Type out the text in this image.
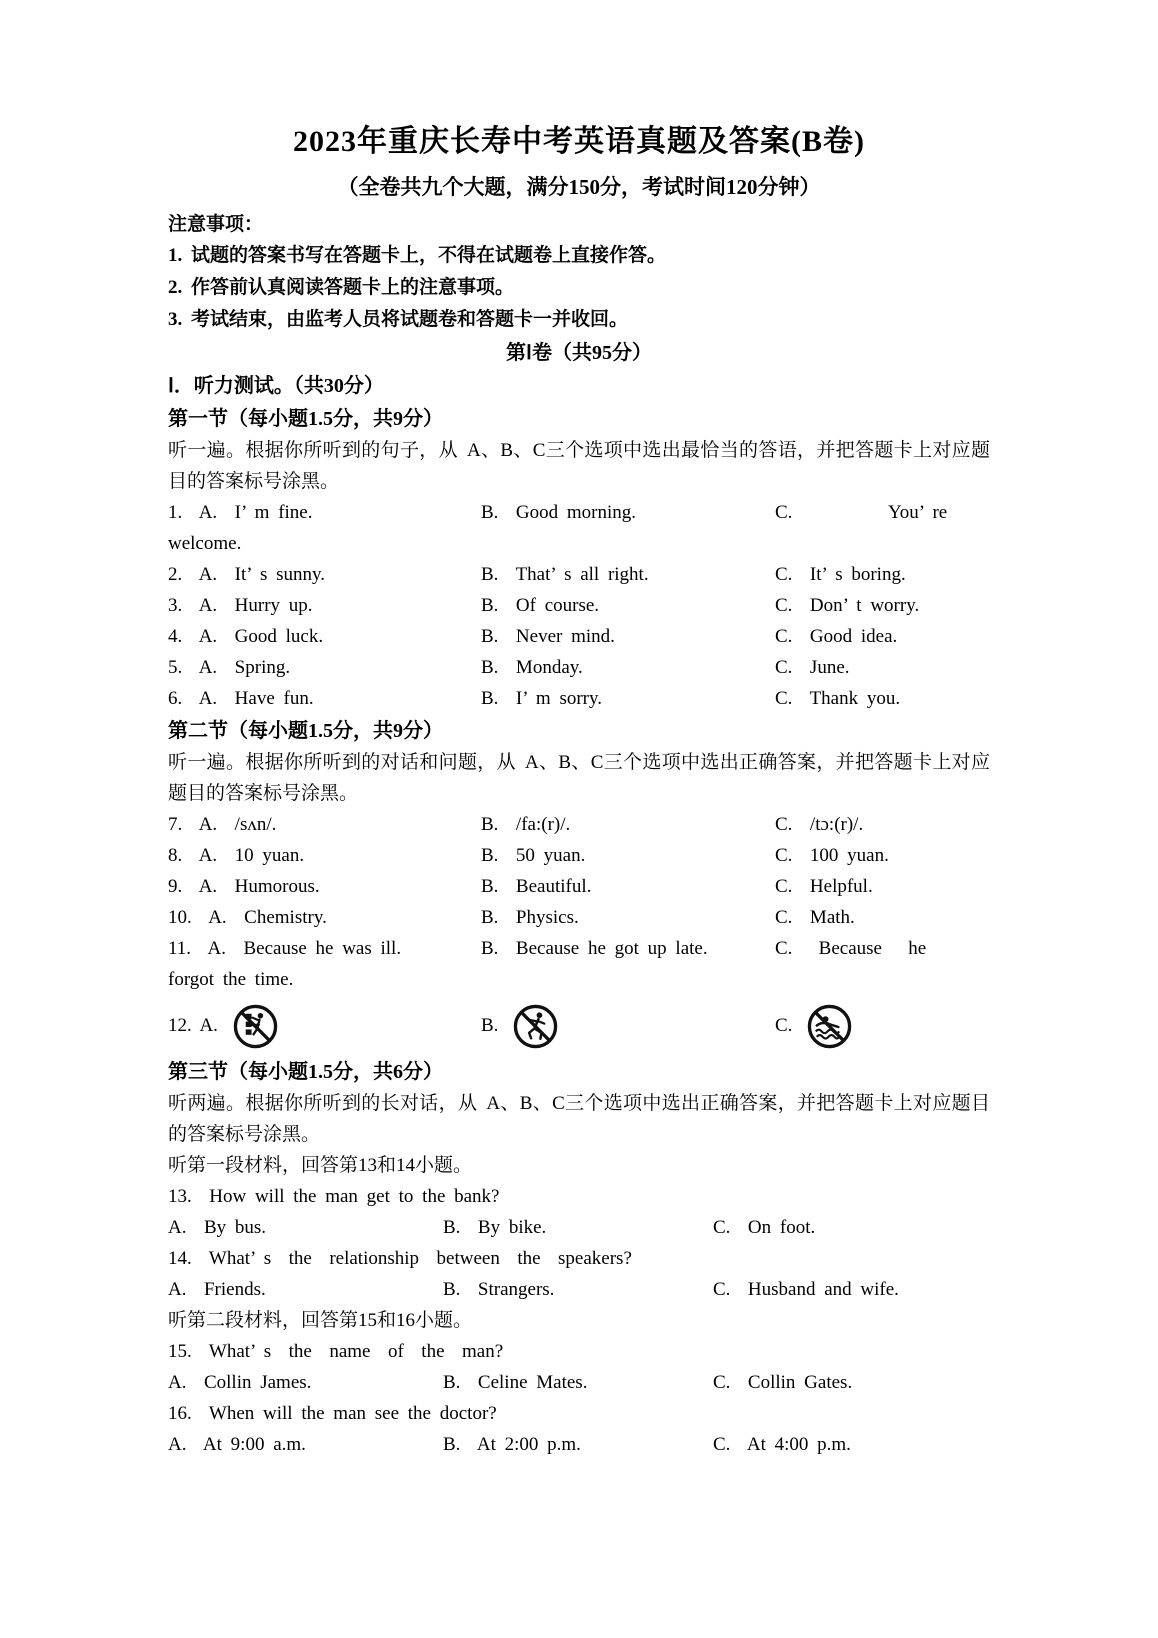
2023年重庆长寿中考英语真题及答案(B卷)
（全卷共九个大题，满分150分，考试时间120分钟）
注意事项：
1. 试题的答案书写在答题卡上，不得在试题卷上直接作答。
2. 作答前认真阅读答题卡上的注意事项。
3. 考试结束，由监考人员将试题卷和答题卡一并收回。
第Ⅰ卷（共95分）
Ⅰ．听力测试。（共30分）
第一节（每小题1.5分，共9分）

听一遍。根据你所听到的句子，从 A、B、C三个选项中选出最恰当的答语，并把答题卡上对应题目的答案标号涂黑。

1.  A.  I’ m fine.	B.  Good morning.	C.           You’ re
welcome.
2.  A.  It’ s sunny.	B.  That’ s all right.	C.  It’ s boring.
3.  A.  Hurry up.	B.  Of course.	C.  Don’ t worry.
4.  A.  Good luck.	B.  Never mind.	C.  Good idea.
5.  A.  Spring.	B.  Monday.	C.  June.
6.  A.  Have fun.	B.  I’ m sorry.	C.  Thank you.
第二节（每小题1.5分，共9分）

听一遍。根据你所听到的对话和问题，从 A、B、C三个选项中选出正确答案，并把答题卡上对应题目的答案标号涂黑。

7.  A.  /sʌn/.	B.  /fa:(r)/.	C.  /tɔ:(r)/.
8.  A.  10 yuan.	B.  50 yuan.	C.  100 yuan.
9.  A.  Humorous.	B.  Beautiful.	C.  Helpful.
10.  A.  Chemistry.	B.  Physics.	C.  Math.
11.  A.  Because he was ill.	B.  Because he got up late.	C.   Because   he
forgot the time.
12. A.	B.	C.
第三节（每小题1.5分，共6分）

听两遍。根据你所听到的长对话，从 A、B、C三个选项中选出正确答案，并把答题卡上对应题目的答案标号涂黑。

听第一段材料，回答第13和14小题。
13.  How will the man get to the bank?
A.  By bus.	B.  By bike.	C.  On foot.
14.  What’ s  the  relationship  between  the  speakers?
A.  Friends.	B.  Strangers.	C.  Husband and wife.
听第二段材料，回答第15和16小题。
15.  What’ s  the  name  of  the  man?
A.  Collin James.	B.  Celine Mates.	C.  Collin Gates.
16.  When will the man see the doctor?
A.  At 9:00 a.m.	B.  At 2:00 p.m.	C.  At 4:00 p.m.
